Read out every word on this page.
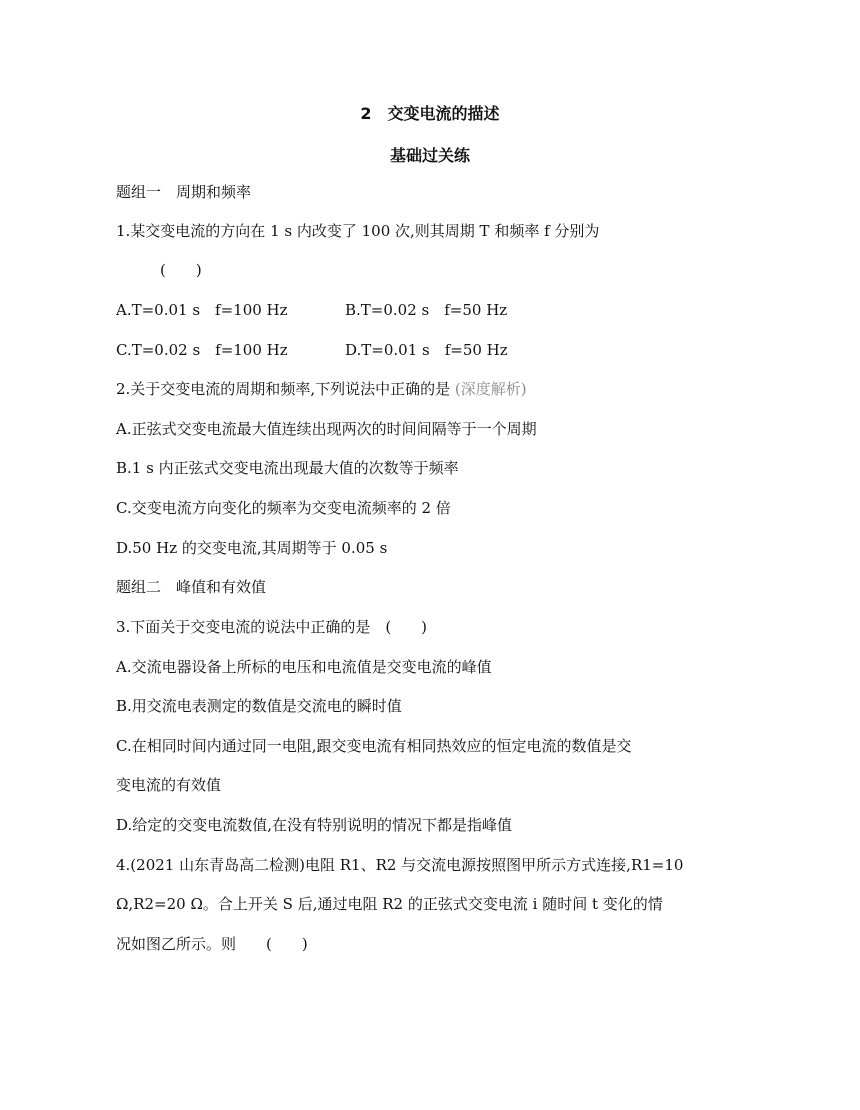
2　交变电流的描述
基础过关练
题组一　周期和频率
1.某交变电流的方向在 1 s 内改变了 100 次,则其周期 T 和频率 f 分别为
(　　)
A.T=0.01 s　f=100 Hz	B.T=0.02 s　f=50 Hz
C.T=0.02 s　f=100 Hz	D.T=0.01 s　f=50 Hz
2.关于交变电流的周期和频率,下列说法中正确的是 (深度解析)
A.正弦式交变电流最大值连续出现两次的时间间隔等于一个周期
B.1 s 内正弦式交变电流出现最大值的次数等于频率
C.交变电流方向变化的频率为交变电流频率的 2 倍
D.50 Hz 的交变电流,其周期等于 0.05 s
题组二　峰值和有效值
3.下面关于交变电流的说法中正确的是　(　　)
A.交流电器设备上所标的电压和电流值是交变电流的峰值
B.用交流电表测定的数值是交流电的瞬时值
C.在相同时间内通过同一电阻,跟交变电流有相同热效应的恒定电流的数值是交
变电流的有效值
D.给定的交变电流数值,在没有特别说明的情况下都是指峰值
4.(2021 山东青岛高二检测)电阻 R1、R2 与交流电源按照图甲所示方式连接,R1=10
Ω,R2=20 Ω。合上开关 S 后,通过电阻 R2 的正弦式交变电流 i 随时间 t 变化的情
况如图乙所示。则　　(　　)
